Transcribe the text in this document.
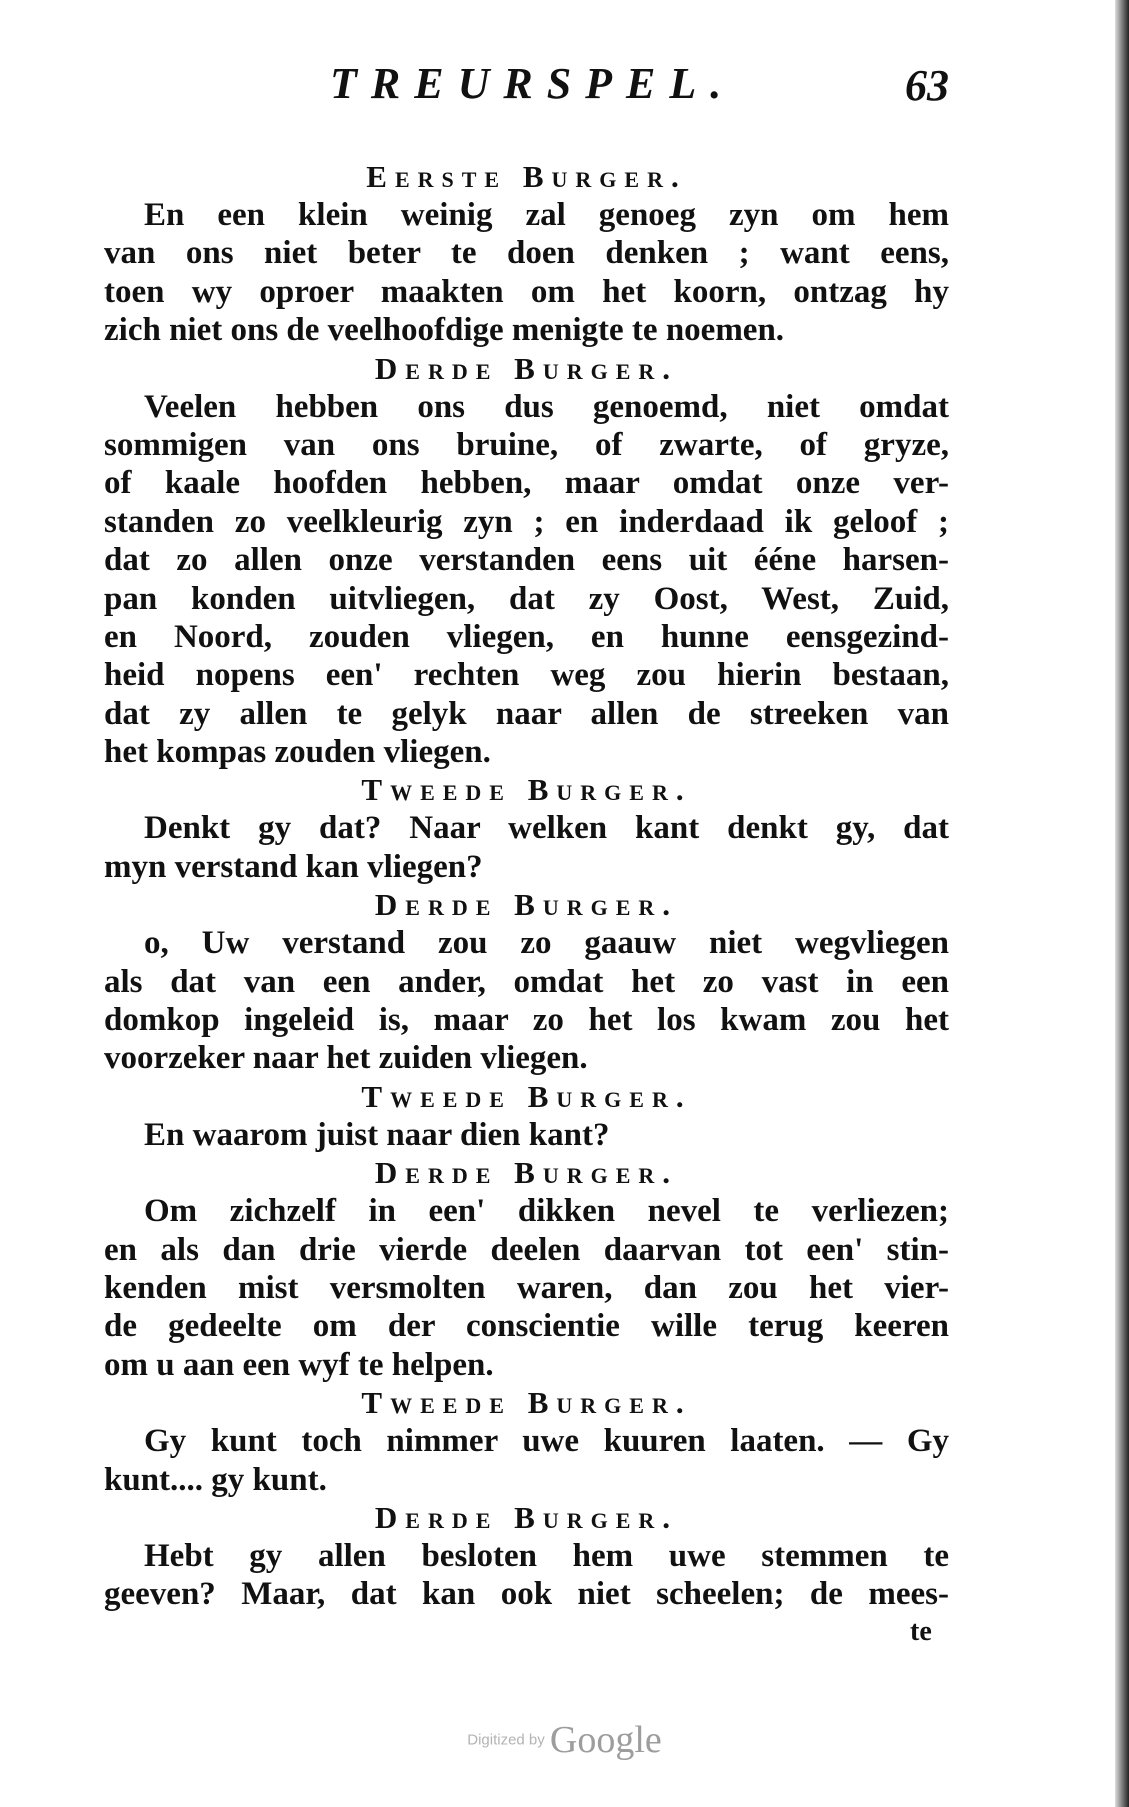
TREURSPEL.	63
Eerste Burger.
En een klein weinig zal genoeg zyn om hem
van ons niet beter te doen denken ; want eens,
toen wy oproer maakten om het koorn, ontzag hy
zich niet ons de veelhoofdige menigte te noemen.
Derde Burger.
Veelen hebben ons dus genoemd, niet omdat
sommigen van ons bruine, of zwarte, of gryze,
of kaale hoofden hebben, maar omdat onze ver-
standen zo veelkleurig zyn ; en inderdaad ik geloof ;
dat zo allen onze verstanden eens uit éénе harsen-
pan konden uitvliegen, dat zy Oost, West, Zuid,
en Noord, zouden vliegen, en hunne eensgezind-
heid nopens een' rechten weg zou hierin bestaan,
dat zy allen te gelyk naar allen de streeken van
het kompas zouden vliegen.
Tweede Burger.
Denkt gy dat? Naar welken kant denkt gy, dat
myn verstand kan vliegen?
Derde Burger.
o, Uw verstand zou zo gaauw niet wegvliegen
als dat van een ander, omdat het zo vast in een
domkop ingeleid is, maar zo het los kwam zou het
voorzeker naar het zuiden vliegen.
Tweede Burger.
En waarom juist naar dien kant?
Derde Burger.
Om zichzelf in een' dikken nevel te verliezen;
en als dan drie vierde deelen daarvan tot een' stin-
kenden mist versmolten waren, dan zou het vier-
de gedeelte om der conscientie wille terug keeren
om u aan een wyf te helpen.
Tweede Burger.
Gy kunt toch nimmer uwe kuuren laaten. — Gy
kunt.... gy kunt.
Derde Burger.
Hebt gy allen besloten hem uwe stemmen te
geeven? Maar, dat kan ook niet scheelen; de mees-
te
Digitized by Google
